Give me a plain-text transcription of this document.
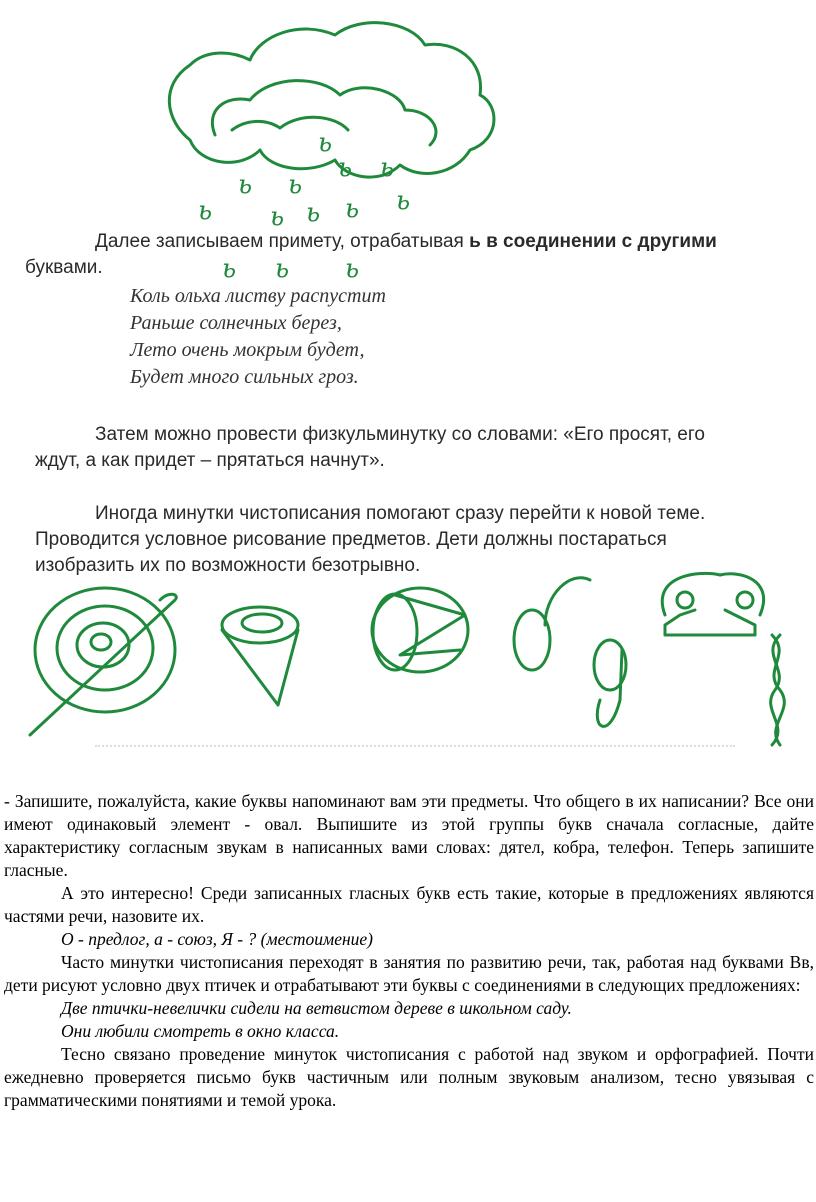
ь
ь ь
ь ь
ь ь ь ь ь
ь ь ь
Далее записываем примету, отрабатывая ь в соединении с другими
буквами.
Коль ольха листву распустит
Раньше солнечных берез,
Лето очень мокрым будет,
Будет много сильных гроз.
Затем можно провести физкульминутку со словами: «Его просят, его
ждут, а как придет – прятаться начнут».
Иногда минутки чистописания помогают сразу перейти к новой теме.
Проводится условное рисование предметов. Дети должны постараться
изобразить их по возможности безотрывно.

- Запишите, пожалуйста, какие буквы напоминают вам эти предметы. Что общего в их написании? Все они имеют одинаковый элемент - овал. Выпишите из этой группы букв сначала согласные, дайте характеристику согласным звукам в написанных вами словах: дятел, кобра, телефон. Теперь запишите гласные.

А это интересно! Среди записанных гласных букв есть такие, которые в предложениях являются частями речи, назовите их.

О - предлог, а - союз, Я - ? (местоимение)

Часто минутки чистописания переходят в занятия по развитию речи, так, работая над буквами Вв, дети рисуют условно двух птичек и отрабатывают эти буквы с соединениями в следующих предложениях:

Две птички-невелички сидели на ветвистом дереве в школьном саду.

Они любили смотреть в окно класса.

Тесно связано проведение минуток чистописания с работой над звуком и орфографией. Почти ежедневно проверяется письмо букв частичным или полным звуковым анализом, тесно увязывая с грамматическими понятиями и темой урока.
